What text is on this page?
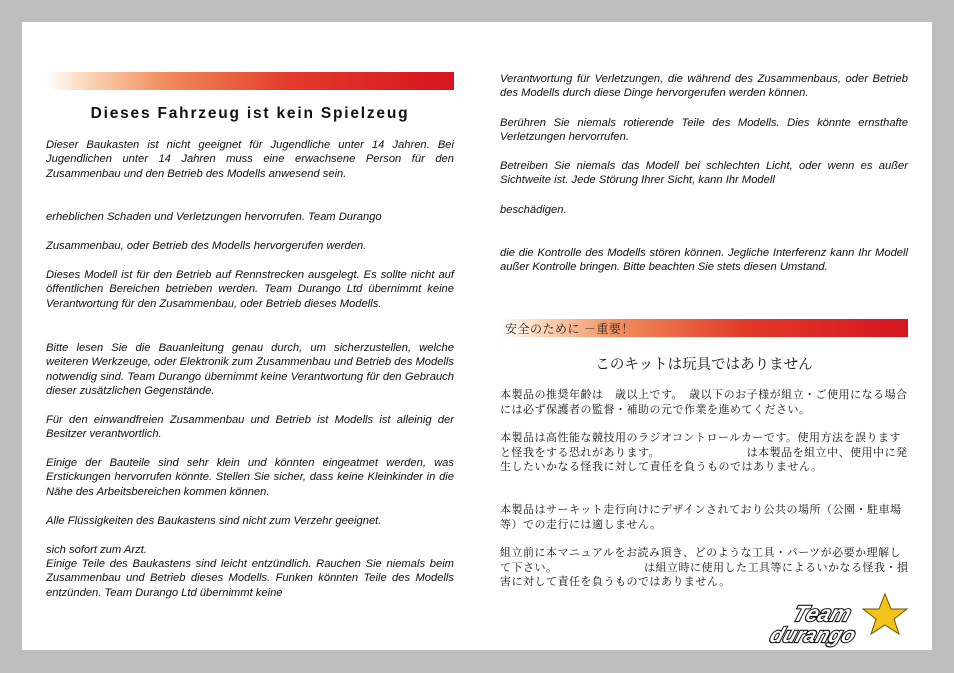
Dieses Fahrzeug ist kein Spielzeug

Dieser Baukasten ist nicht geeignet für Jugendliche unter 14 Jahren. Bei Jugendlichen unter 14 Jahren muss eine erwachsene Person für den Zusammenbau und den Betrieb des Modells anwesend sein.

erheblichen Schaden und Verletzungen hervorrufen. Team Durango

Zusammenbau, oder Betrieb des Modells hervorgerufen werden.

Dieses Modell ist für den Betrieb auf Rennstrecken ausgelegt. Es sollte nicht auf öffentlichen Bereichen betrieben werden. Team Durango Ltd übernimmt keine Verantwortung für den Zusammenbau, oder Betrieb dieses Modells.

Bitte lesen Sie die Bauanleitung genau durch, um sicherzustellen, welche weiteren Werkzeuge, oder Elektronik zum Zusammenbau und Betrieb des Modells notwendig sind. Team Durango übernimmt keine Verantwortung für den Gebrauch dieser zusätzlichen Gegenstände.

Für den einwandfreien Zusammenbau und Betrieb ist Modells ist alleinig der Besitzer verantwortlich.

Einige der Bauteile sind sehr klein und könnten eingeatmet werden, was Erstickungen hervorrufen könnte. Stellen Sie sicher, dass keine Kleinkinder in die Nähe des Arbeitsbereichen kommen können.

Alle Flüssigkeiten des Baukastens sind nicht zum Verzehr geeignet.

sich sofort zum Arzt.

Einige Teile des Baukastens sind leicht entzündlich. Rauchen Sie niemals beim Zusammenbau und Betrieb dieses Modells. Funken könnten Teile des Modells entzünden. Team Durango Ltd übernimmt keine

Verantwortung für Verletzungen, die während des Zusammenbaus, oder Betrieb des Modells durch diese Dinge hervorgerufen werden können.

Berühren Sie niemals rotierende Teile des Modells. Dies könnte ernsthafte Verletzungen hervorrufen.

Betreiben Sie niemals das Modell bei schlechten Licht, oder wenn es außer Sichtweite ist. Jede Störung Ihrer Sicht, kann Ihr Modell

beschädigen.

die die Kontrolle des Modells stören können. Jegliche Interferenz kann Ihr Modell außer Kontrolle bringen. Bitte beachten Sie stets diesen Umstand.

安全のために －重要！
このキットは玩具ではありません

本製品の推奨年齢は　歳以上です。　歳以下のお子様が組立・ご使用になる場合には必ず保護者の監督・補助の元で作業を進めてください。

本製品は高性能な競技用のラジオコントロールカーです。使用方法を誤りますと怪我をする恐れがあります。　　　　　　　　は本製品を組立中、使用中に発生したいかなる怪我に対して責任を負うものではありません。

本製品はサーキット走行向けにデザインされており公共の場所（公園・駐車場等）での走行には適しません。

組立前に本マニュアルをお読み頂き、どのような工具・パーツが必要か理解して下さい。　　　　　　　　は組立時に使用した工具等によるいかなる怪我・損害に対して責任を負うものではありません。

Team
durango
